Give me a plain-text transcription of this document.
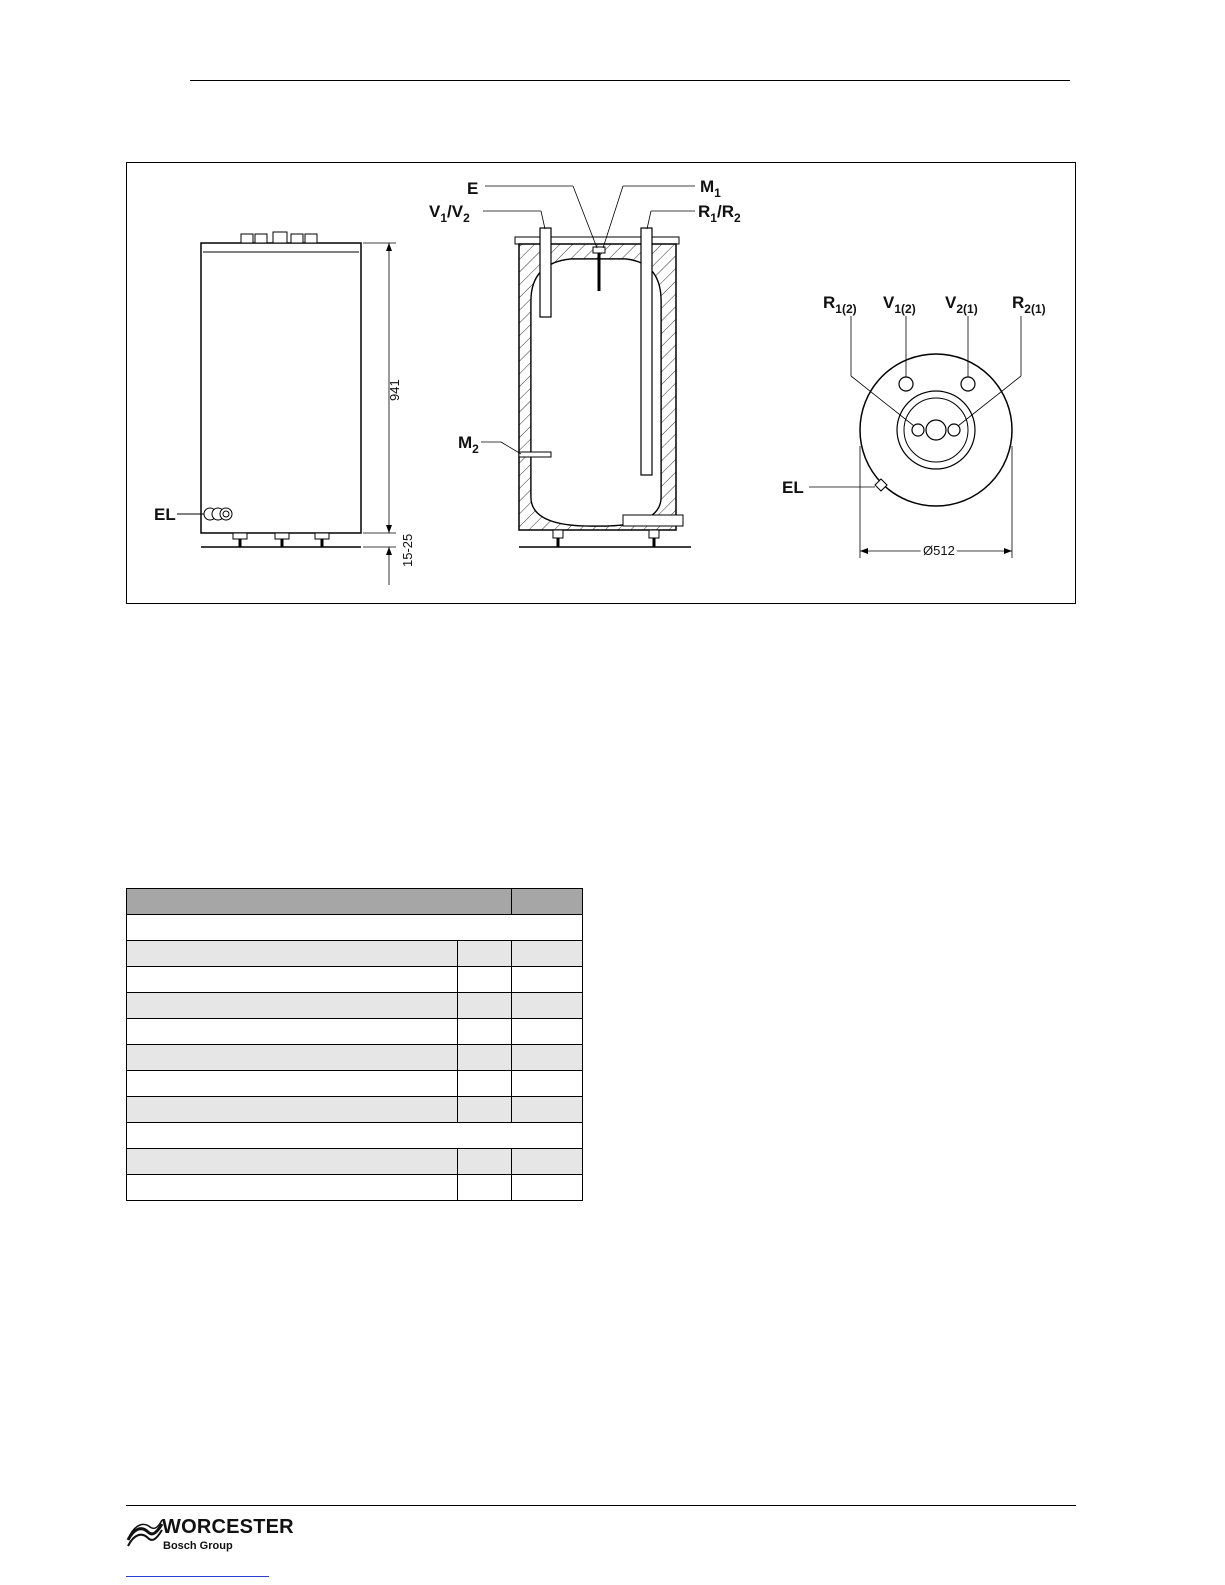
EL
941
15-25
E	$M_1$
$V_1/V_2$	$R_1/R_2$
$M_2$
$R_{1(2)}$ $V_{1(2)}$ $V_{2(1)}$ $R_{2(1)}$
EL
Ø512

WORCESTER
Bosch Group
